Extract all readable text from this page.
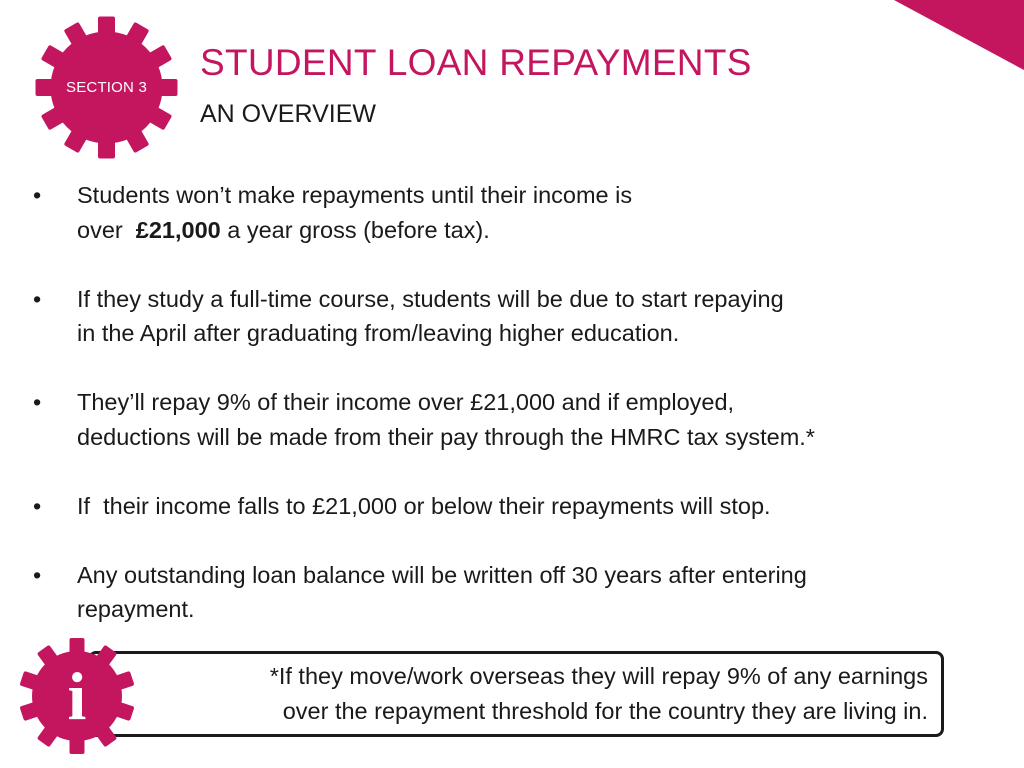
SECTION 3
STUDENT LOAN REPAYMENTS
AN OVERVIEW
• Students won’t make repayments until their income is
over  £21,000 a year gross (before tax).
• If they study a full-time course, students will be due to start repaying
in the April after graduating from/leaving higher education.
• They’ll repay 9% of their income over £21,000 and if employed,
deductions will be made from their pay through the HMRC tax system.*
• If  their income falls to £21,000 or below their repayments will stop.
• Any outstanding loan balance will be written off 30 years after entering
repayment.
*If they move/work overseas they will repay 9% of any earnings
over the repayment threshold for the country they are living in.
i
